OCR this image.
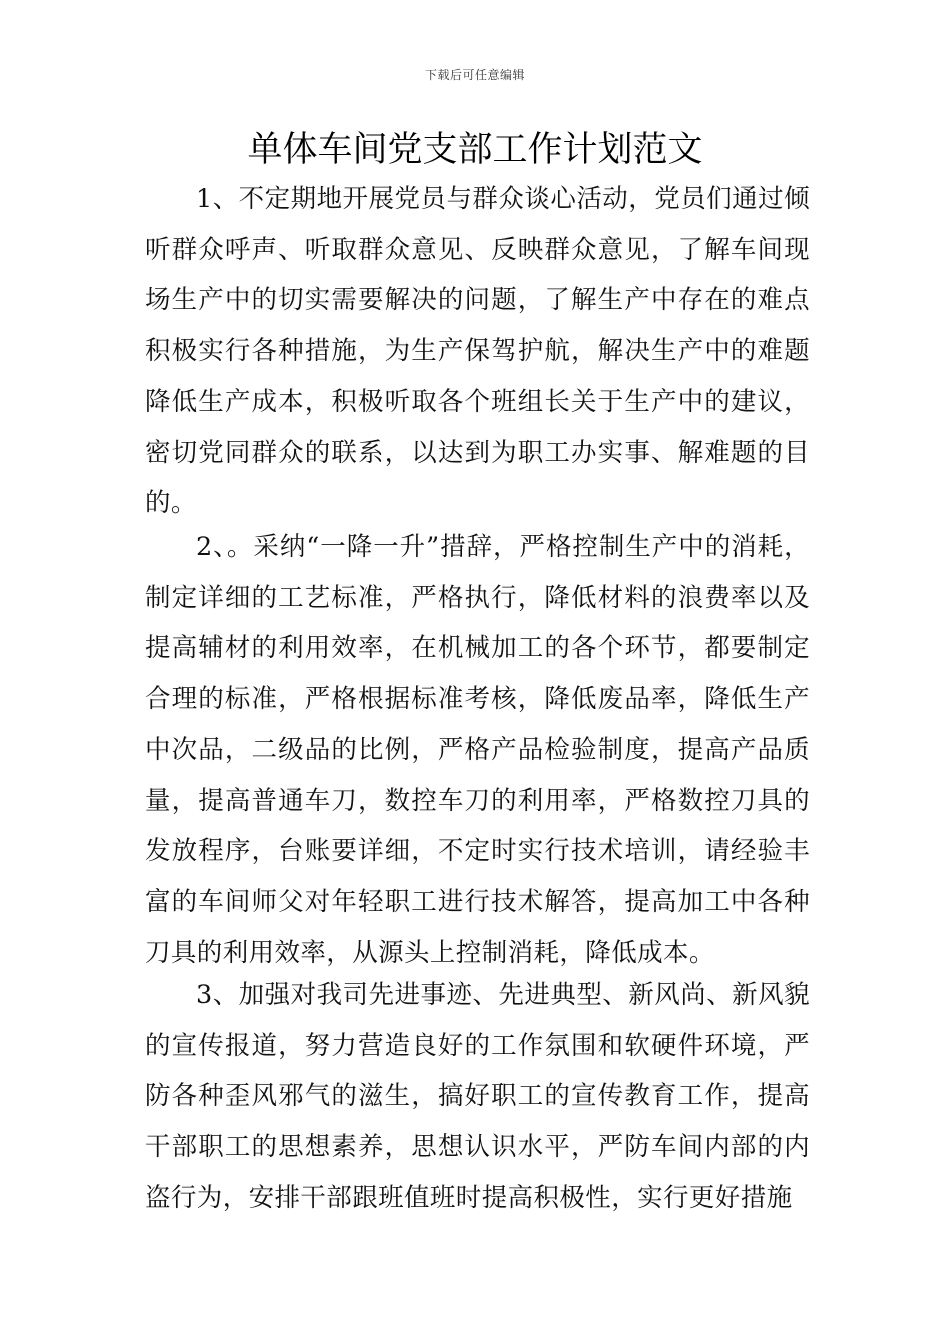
下载后可任意编辑
单体车间党支部工作计划范文

1、不定期地开展党员与群众谈心活动，党员们通过倾听群众呼声、听取群众意见、反映群众意见，了解车间现场生产中的切实需要解决的问题，了解生产中存在的难点积极实行各种措施，为生产保驾护航，解决生产中的难题降低生产成本，积极听取各个班组长关于生产中的建议，密切党同群众的联系，以达到为职工办实事、解难题的目的。

2、。采纳“一降一升”措辞，严格控制生产中的消耗，制定详细的工艺标准，严格执行，降低材料的浪费率以及提高辅材的利用效率，在机械加工的各个环节，都要制定合理的标准，严格根据标准考核，降低废品率，降低生产中次品，二级品的比例，严格产品检验制度，提高产品质量，提高普通车刀，数控车刀的利用率，严格数控刀具的发放程序，台账要详细，不定时实行技术培训，请经验丰富的车间师父对年轻职工进行技术解答，提高加工中各种刀具的利用效率，从源头上控制消耗，降低成本。

3、加强对我司先进事迹、先进典型、新风尚、新风貌的宣传报道，努力营造良好的工作氛围和软硬件环境，严防各种歪风邪气的滋生，搞好职工的宣传教育工作，提高干部职工的思想素养，思想认识水平，严防车间内部的内盗行为，安排干部跟班值班时提高积极性，实行更好措施
